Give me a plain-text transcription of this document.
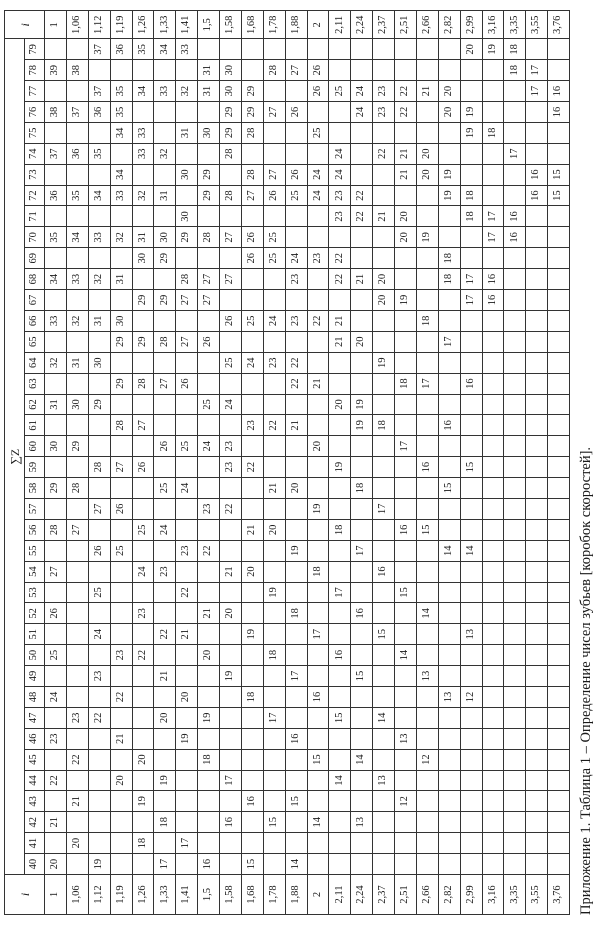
Приложение 1. Таблица 1 – Определение чисел зубьев [коробок скоростей].
i	∑Z																																								i
	40	41	42	43	44	45	46	47	48	49	50	51	52	53	54	55	56	57	58	59	60	61	62	63	64	65	66	67	68	69	70	71	72	73	74	75	76	77	78	79	
1	20		21		22		23		24		25		26		27		28		29		30		31		32		33		34		35		36		37		38		39		1
1,06		20		21		22		23									27		28		29		30		31		32		33		34		35		36		37		38		1,06
1,12	19							22		23		24		25		26		27		28			29		30		31		32		33		34		35		36	37		37	1,12
1,19					20		21		22		23					25		26		27		28		29		29	30		31		32		33	34		34	35	35		36	1,19
1,26		18		19		20					22		23		24		25			26		27		28		29		29		30	31		32		33	33		34		35	1,26
1,33	17		18		19			20		21		22			23		24		25		26			27		28		29		29	30		31		32			33		34	1,33
1,41		17					19		20			21		22		23			24		25			26		27		27	28		29	30		30		31		32		33	1,41
1,5	16					18		19			20		21			22		23			24		25			26		27	27		28		29	29		30		31	31		1,5
1,58			16		17					19			20		21			22		23	23		24		25		26		27		27		28		28	29	29	30	30		1,58
1,68	15			16					18			19			20		21			22		23			24		25			26	26		27	28		28	29	29			1,68
1,78			15					17			18			19			20		21			22			23		24			25	25		26	27			27		28		1,78
1,88	14			15			16			17			18			19			20			21		22	22		23		23	24			25	26			26		27		1,88
2			14			15			16			17			18			19			20			21			22			23			24	24		25		26	26		2
2,11					14			15			16			17			18			19			20			21	21		22	22		23	23	24	24			25			2,11
2,24			13			14				15			16			17			18			19	19			20			21			22	22				24	24			2,24
2,37					13			14				15			16			17				18			19			20	20			21			22		23	23			2,37
2,51				12			13				14			15			16				17			18				19			20	20		21	21		22	22			2,51
2,66						12				13			14				15			16				17			18				19			20	20			21			2,66
2,82									13							14			15			16				17			18	18			19	19			20	20			2,82
2,99									12			13				14				15				16				17	17			18	18			19	19			20	2,99
3,16																												16	16		17	17				18				19	3,16
3,35																															16	16			17				18	18	3,35
3,55																																	16	16				17	17		3,55
3,76																																	15	15			16	16			3,76
